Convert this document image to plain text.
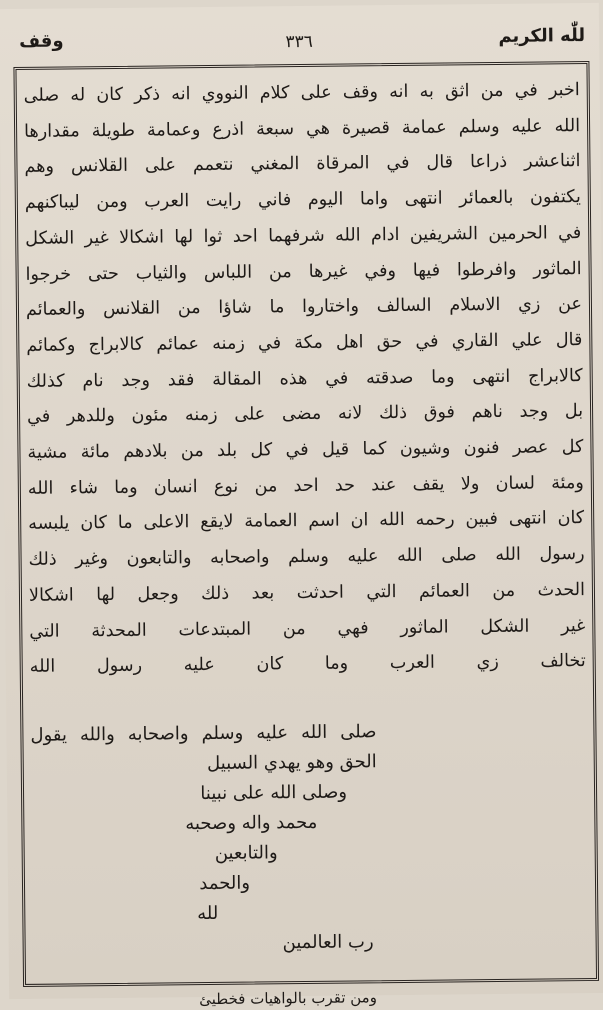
للّٰه الكريم
وقف	٣٣٦
اخبر في من اثق به انه وقف على كلام النووي انه ذكر كان له صلى
الله عليه وسلم عمامة قصيرة هي سبعة اذرع وعمامة طويلة مقدارها
اثناعشر ذراعا قال في المرقاة المغني نتعمم على القلانس وهم
يكتفون بالعمائر انتهى واما اليوم فاني رايت العرب ومن ليباكنهم
في الحرمين الشريفين ادام الله شرفهما احد ثوا لها اشكالا غير الشكل
الماثور وافرطوا فيها وفي غيرها من اللباس والثياب حتى خرجوا
عن زي الاسلام السالف واختاروا ما شاؤا من القلانس والعمائم
قال علي القاري في حق اهل مكة في زمنه عمائم كالابراج وكمائم
كالابراج انتهى وما صدقته في هذه المقالة فقد وجد نام كذلك
بل وجد ناهم فوق ذلك لانه مضى على زمنه مئون وللدهر في
كل عصر فنون وشيون كما قيل في كل بلد من بلادهم مائة مشية
ومئة لسان ولا يقف عند حد احد من نوع انسان وما شاء الله
كان انتهى فبين رحمه الله ان اسم العمامة لايقع الاعلى ما كان يلبسه
رسول الله صلى الله عليه وسلم واصحابه والتابعون وغير ذلك
الحدث من العمائم التي احدثت بعد ذلك وجعل لها اشكالا
غير الشكل الماثور فهي من المبتدعات المحدثة التي
تخالف زي العرب وما كان عليه رسول الله
صلى الله عليه وسلم واصحابه والله يقول
الحق وهو يهدي السبيل
وصلى الله على نبينا
محمد واله وصحبه
والتابعين
والحمد
لله
رب العالمين
ومن تقرب بالواهيات فخطيئ
